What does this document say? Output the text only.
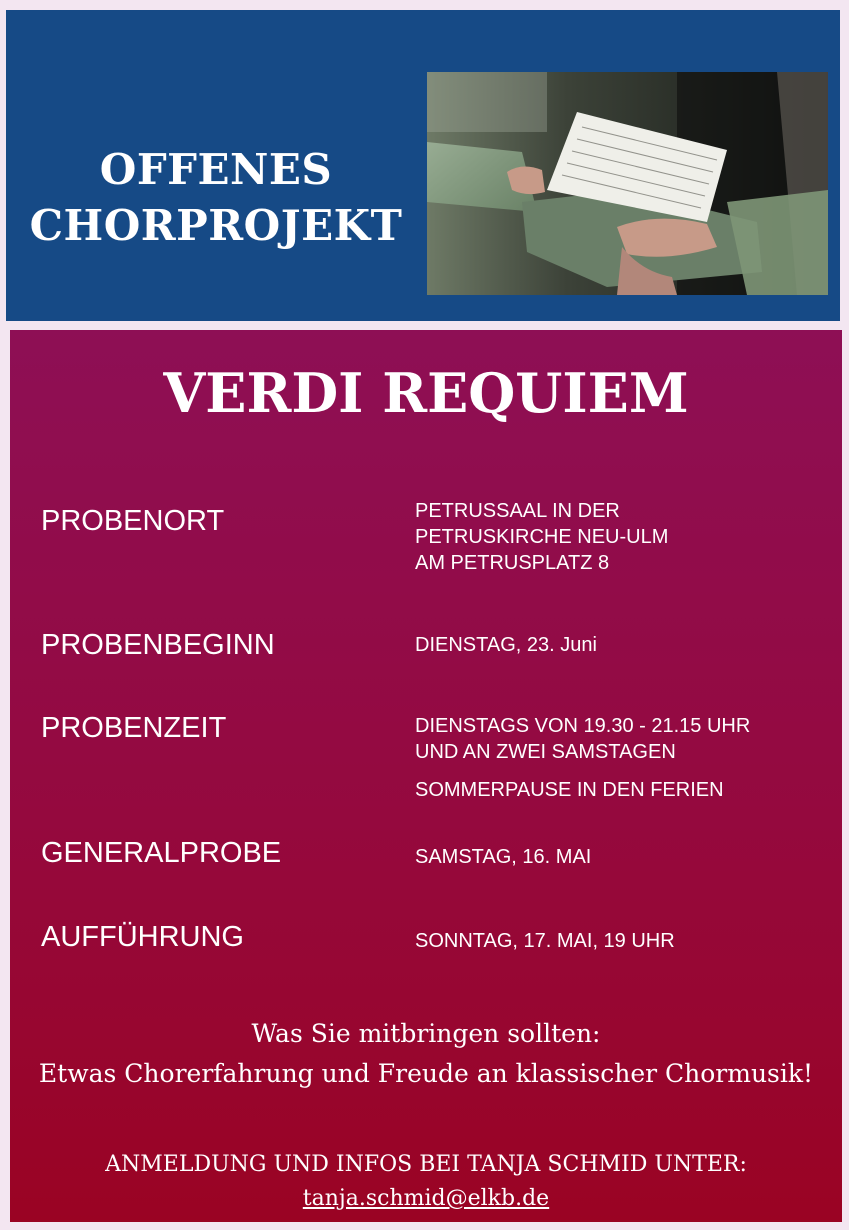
OFFENES
CHORPROJEKT
VERDI REQUIEM
PROBENORT	PETRUSSAAL IN DER
PETRUSKIRCHE NEU-ULM
AM PETRUSPLATZ 8
PROBENBEGINN	DIENSTAG, 23. Juni
PROBENZEIT	DIENSTAGS VON 19.30 - 21.15 UHR
UND AN ZWEI SAMSTAGEN
SOMMERPAUSE IN DEN FERIEN
GENERALPROBE	SAMSTAG, 16. MAI
AUFFÜHRUNG	SONNTAG, 17. MAI, 19 UHR
Was Sie mitbringen sollten:
Etwas Chorerfahrung und Freude an klassischer Chormusik!
ANMELDUNG UND INFOS BEI TANJA SCHMID UNTER:
tanja.schmid@elkb.de
